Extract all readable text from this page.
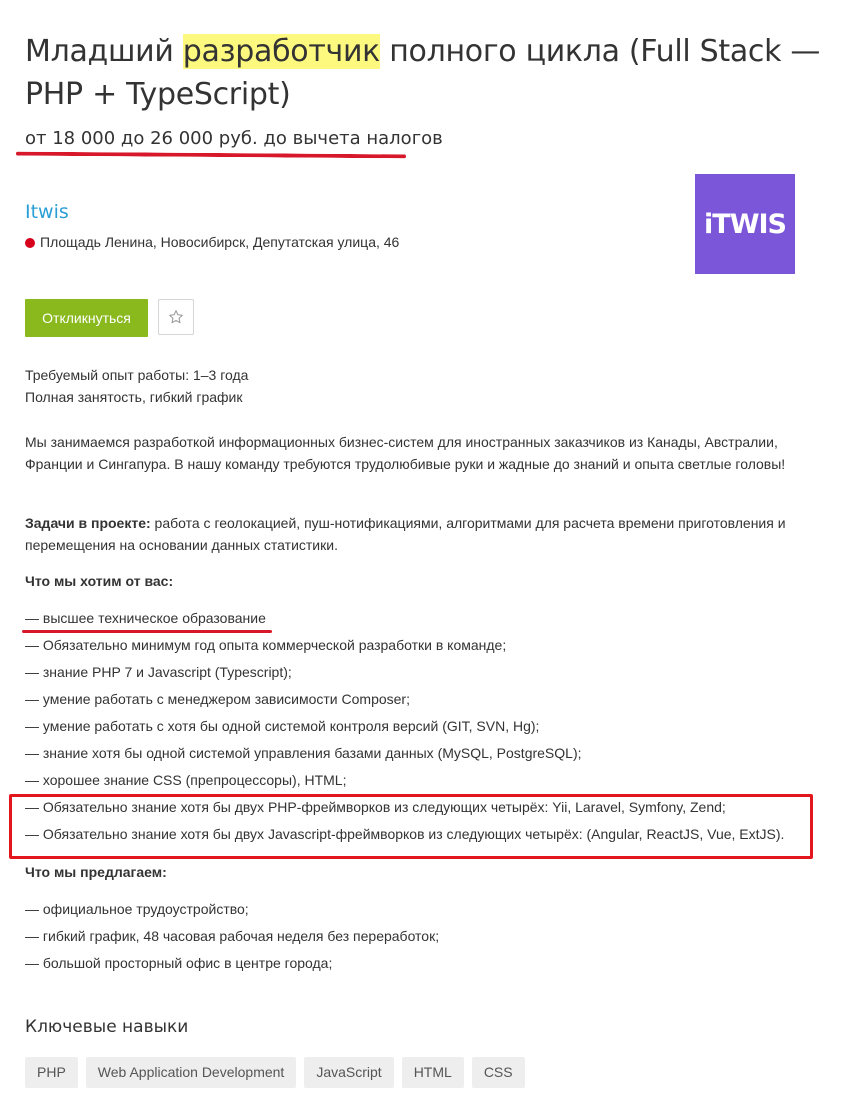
Младший разработчик полного цикла (Full Stack — PHP + TypeScript)

от 18 000 до 26 000 руб. до вычета налогов

Itwis
Площадь Ленина, Новосибирск, Депутатская улица, 46
iTWIS
Откликнуться

Требуемый опыт работы: 1–3 года

Полная занятость, гибкий график

Мы занимаемся разработкой информационных бизнес-систем для иностранных заказчиков из Канады, Австралии, Франции и Сингапура. В нашу команду требуются трудолюбивые руки и жадные до знаний и опыта светлые головы!

Задачи в проекте: работа с геолокацией, пуш-нотификациями, алгоритмами для расчета времени приготовления и перемещения на основании данных статистики.

Что мы хотим от вас:
— высшее техническое образование
— Обязательно минимум год опыта коммерческой разработки в команде;
— знание PHP 7 и Javascript (Typescript);
— умение работать с менеджером зависимости Composer;
— умение работать с хотя бы одной системой контроля версий (GIT, SVN, Hg);
— знание хотя бы одной системой управления базами данных (MySQL, PostgreSQL);
— хорошее знание CSS (препроцессоры), HTML;
— Обязательно знание хотя бы двух PHP-фреймворков из следующих четырёх: Yii, Laravel, Symfony, Zend;
— Обязательно знание хотя бы двух Javascript-фреймворков из следующих четырёх: (Angular, ReactJS, Vue, ExtJS).
Что мы предлагаем:
— официальное трудоустройство;
— гибкий график, 48 часовая рабочая неделя без переработок;
— большой просторный офис в центре города;
Ключевые навыки
PHP	Web Application Development	JavaScript	HTML	CSS
